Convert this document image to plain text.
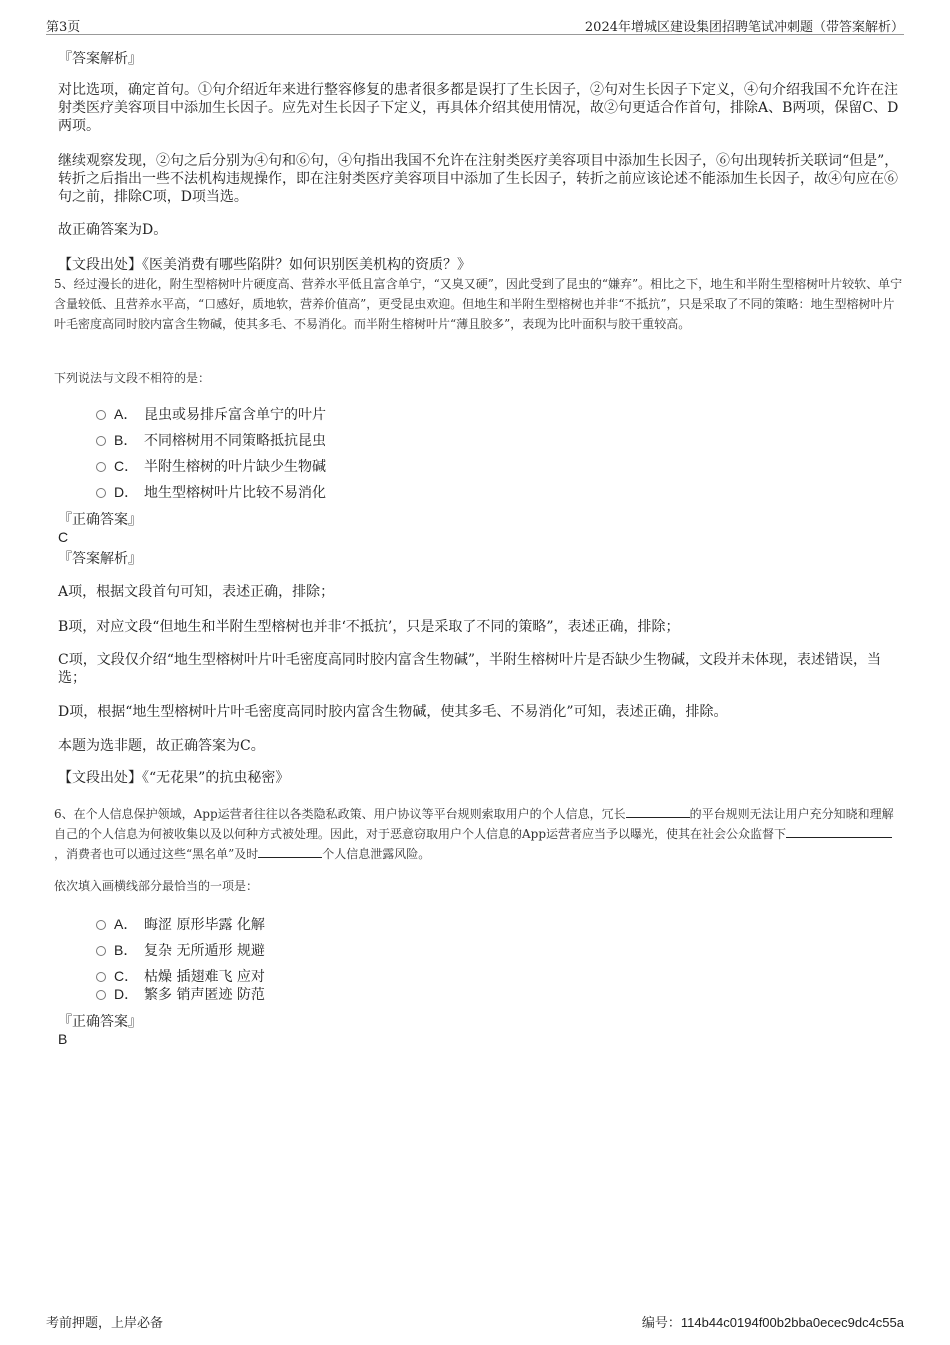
第3页	2024年增城区建设集团招聘笔试冲刺题（带答案解析）

『答案解析』

对比选项，确定首句。①句介绍近年来进行整容修复的患者很多都是误打了生长因子，②句对生长因子下定义，④句介绍我国不允许在注射类医疗美容项目中添加生长因子。应先对生长因子下定义，再具体介绍其使用情况，故②句更适合作首句，排除A、B两项，保留C、D两项。

继续观察发现，②句之后分别为④句和⑥句，④句指出我国不允许在注射类医疗美容项目中添加生长因子，⑥句出现转折关联词“但是”，转折之后指出一些不法机构违规操作，即在注射类医疗美容项目中添加了生长因子，转折之前应该论述不能添加生长因子，故④句应在⑥句之前，排除C项，D项当选。

故正确答案为D。

【文段出处】《医美消费有哪些陷阱？如何识别医美机构的资质？》

5、经过漫长的进化，附生型榕树叶片硬度高、营养水平低且富含单宁，“又臭又硬”，因此受到了昆虫的“嫌弃”。相比之下，地生和半附生型榕树叶片较软、单宁含量较低、且营养水平高，“口感好，质地软，营养价值高”，更受昆虫欢迎。但地生和半附生型榕树也并非“不抵抗”，只是采取了不同的策略：地生型榕树叶片叶毛密度高同时胶内富含生物碱，使其多毛、不易消化。而半附生榕树叶片“薄且胶多”，表现为比叶面积与胶干重较高。

下列说法与文段不相符的是：

A． 昆虫或易排斥富含单宁的叶片
B． 不同榕树用不同策略抵抗昆虫
C． 半附生榕树的叶片缺少生物碱
D． 地生型榕树叶片比较不易消化

『正确答案』

C

『答案解析』

A项，根据文段首句可知，表述正确，排除；

B项，对应文段“但地生和半附生型榕树也并非‘不抵抗’，只是采取了不同的策略”，表述正确，排除；

C项，文段仅介绍“地生型榕树叶片叶毛密度高同时胶内富含生物碱”，半附生榕树叶片是否缺少生物碱，文段并未体现，表述错误，当选；

D项，根据“地生型榕树叶片叶毛密度高同时胶内富含生物碱，使其多毛、不易消化”可知，表述正确，排除。

本题为选非题，故正确答案为C。

【文段出处】《“无花果”的抗虫秘密》

6、在个人信息保护领域，App运营者往往以各类隐私政策、用户协议等平台规则索取用户的个人信息，冗长	的平台规则无法让用户充分知晓和理解自己的个人信息为何被收集以及以何种方式被处理。因此，对于恶意窃取用户个人信息的App运营者应当予以曝光，使其在社会公众监督下，消费者也可以通过这些“黑名单”及时	个人信息泄露风险。

依次填入画横线部分最恰当的一项是：

A． 晦涩 原形毕露 化解
B． 复杂 无所遁形 规避
C． 枯燥 插翅难飞 应对
D． 繁多 销声匿迹 防范

『正确答案』

B

考前押题，上岸必备	编号：114b44c0194f00b2bba0ecec9dc4c55a
